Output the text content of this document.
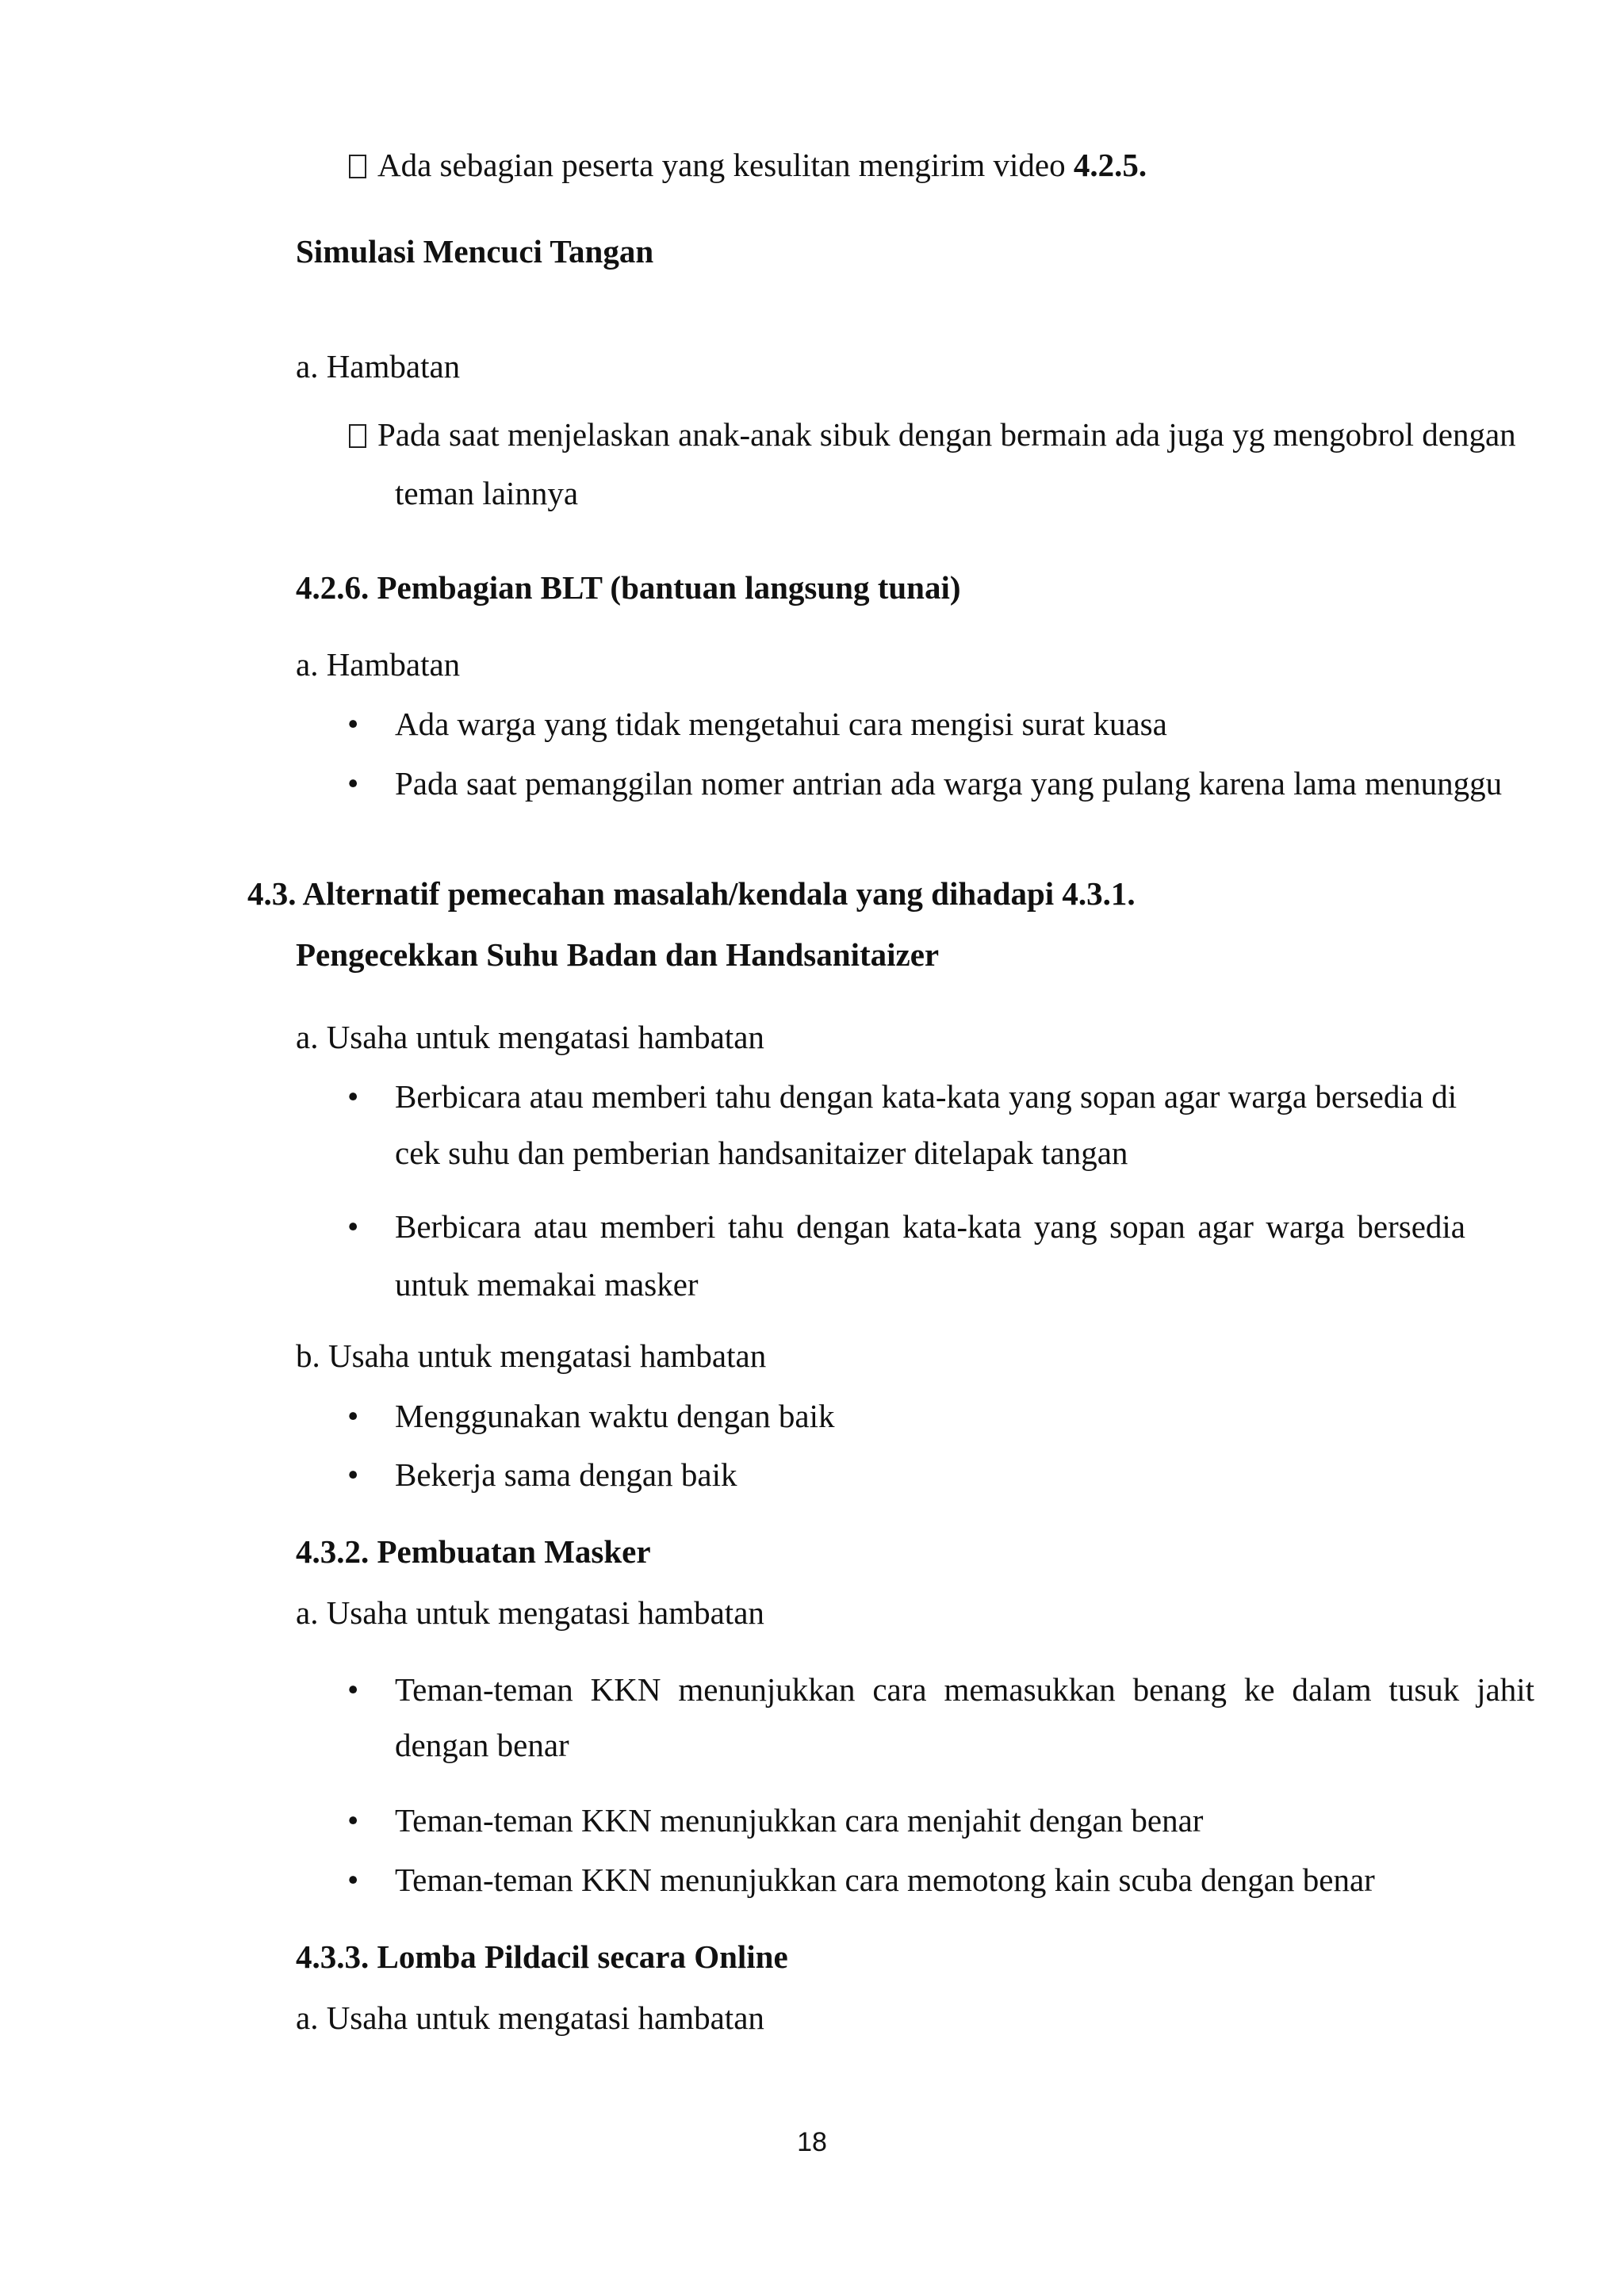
Ada sebagian peserta yang kesulitan mengirim video 4.2.5.
Simulasi Mencuci Tangan
a. Hambatan
Pada saat menjelaskan anak-anak sibuk dengan bermain ada juga yg mengobrol dengan
teman lainnya
4.2.6. Pembagian BLT (bantuan langsung tunai)
a. Hambatan
• Ada warga yang tidak mengetahui cara mengisi surat kuasa
• Pada saat pemanggilan nomer antrian ada warga yang pulang karena lama menunggu
4.3. Alternatif pemecahan masalah/kendala yang dihadapi 4.3.1.
Pengecekkan Suhu Badan dan Handsanitaizer
a. Usaha untuk mengatasi hambatan
• Berbicara atau memberi tahu dengan kata-kata yang sopan agar warga bersedia di
cek suhu dan pemberian handsanitaizer ditelapak tangan
• Berbicara atau memberi tahu dengan kata-kata yang sopan agar warga bersedia
untuk memakai masker
b. Usaha untuk mengatasi hambatan
• Menggunakan waktu dengan baik
• Bekerja sama dengan baik
4.3.2. Pembuatan Masker
a. Usaha untuk mengatasi hambatan
• Teman-teman KKN menunjukkan cara memasukkan benang ke dalam tusuk jahit
dengan benar
• Teman-teman KKN menunjukkan cara menjahit dengan benar
• Teman-teman KKN menunjukkan cara memotong kain scuba dengan benar
4.3.3. Lomba Pildacil secara Online
a. Usaha untuk mengatasi hambatan
18
